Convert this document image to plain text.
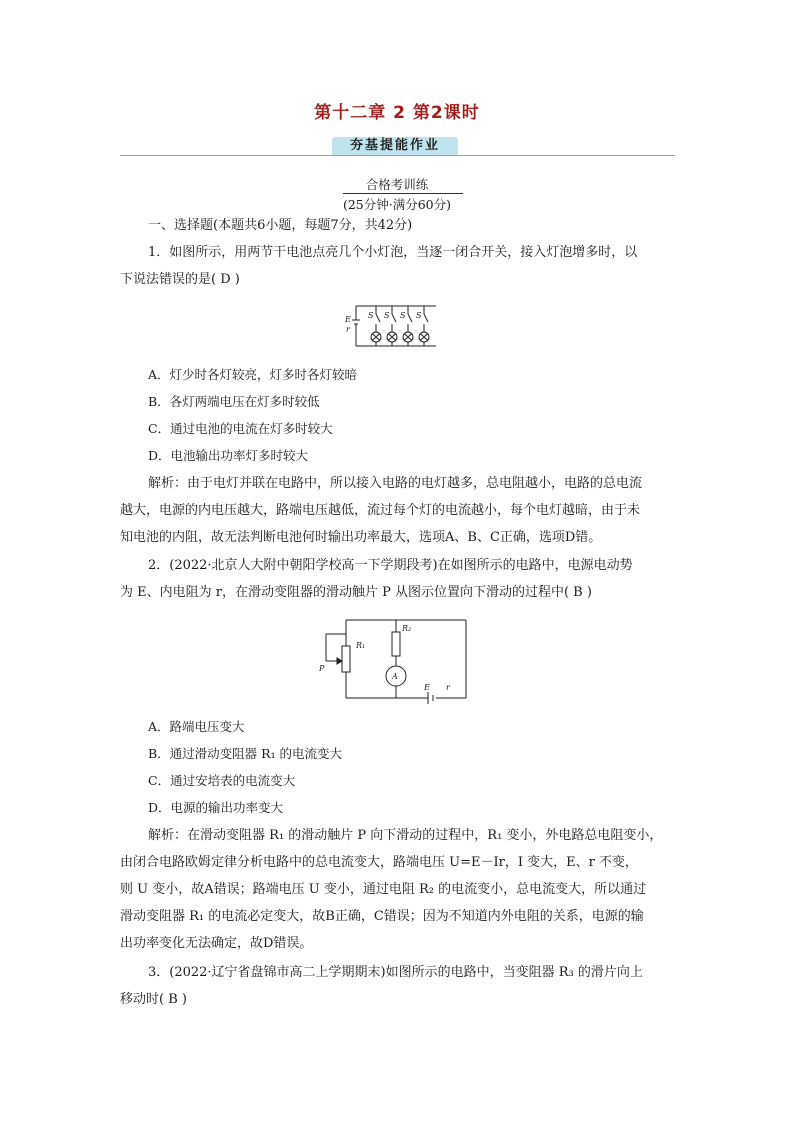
第十二章 2 第2课时
夯基提能作业
合格考训练
(25分钟·满分60分)
一、选择题(本题共6小题，每题7分，共42分)
1．如图所示，用两节干电池点亮几个小灯泡，当逐一闭合开关，接入灯泡增多时，以
下说法错误的是( D )
E
r
S S S S
A．灯少时各灯较亮，灯多时各灯较暗
B．各灯两端电压在灯多时较低
C．通过电池的电流在灯多时较大
D．电池输出功率灯多时较大
解析：由于电灯并联在电路中，所以接入电路的电灯越多，总电阻越小，电路的总电流
越大，电源的内电压越大，路端电压越低，流过每个灯的电流越小，每个电灯越暗，由于未
知电池的内阻，故无法判断电池何时输出功率最大，选项A、B、C正确，选项D错。
2．(2022·北京人大附中朝阳学校高一下学期段考)在如图所示的电路中，电源电动势
为 E、内电阻为 r，在滑动变阻器的滑动触片 P 从图示位置向下滑动的过程中( B )
R₁
R₂
P
A
E r
A．路端电压变大
B．通过滑动变阻器 R₁ 的电流变大
C．通过安培表的电流变大
D．电源的输出功率变大
解析：在滑动变阻器 R₁ 的滑动触片 P 向下滑动的过程中，R₁ 变小，外电路总电阻变小，
由闭合电路欧姆定律分析电路中的总电流变大，路端电压 U=E－Ir，I 变大，E、r 不变，
则 U 变小，故A错误；路端电压 U 变小，通过电阻 R₂ 的电流变小，总电流变大，所以通过
滑动变阻器 R₁ 的电流必定变大，故B正确，C错误；因为不知道内外电阻的关系，电源的输
出功率变化无法确定，故D错误。
3．(2022·辽宁省盘锦市高二上学期期末)如图所示的电路中，当变阻器 R₃ 的滑片向上
移动时( B )
